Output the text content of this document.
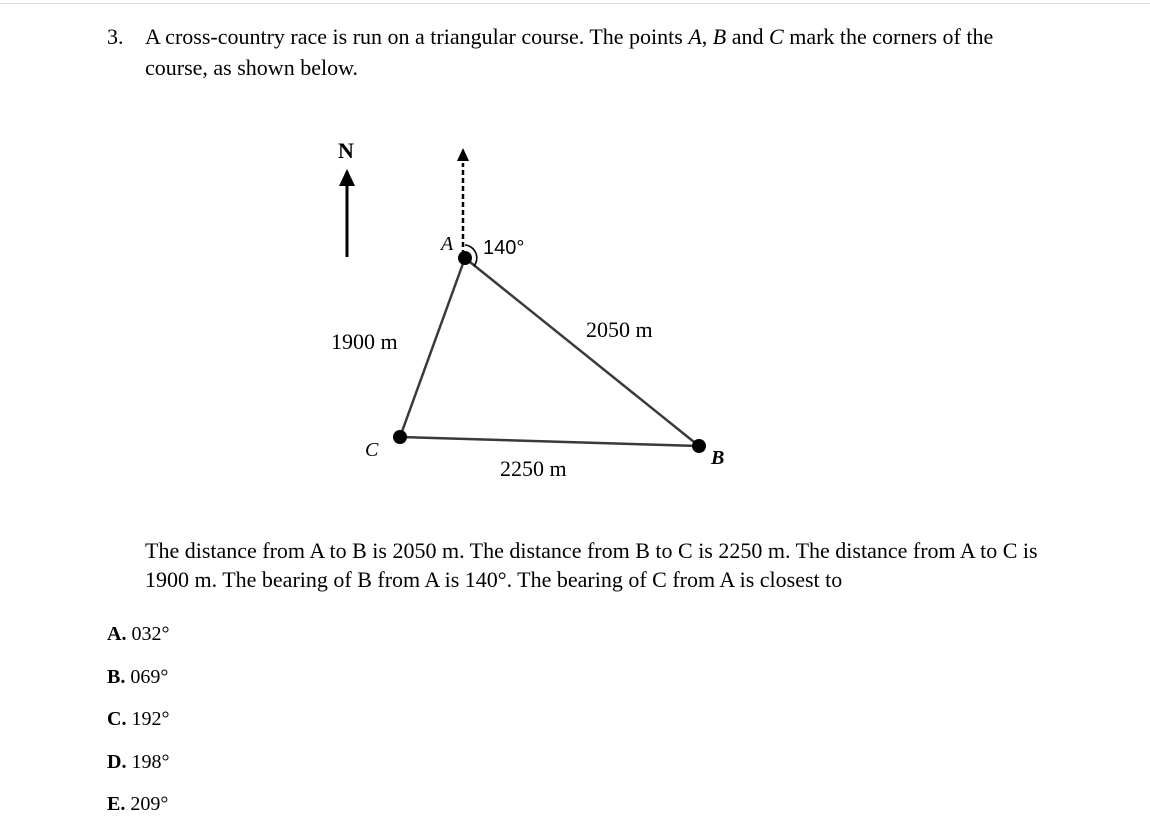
3. A cross-country race is run on a triangular course. The points A, B and C mark the corners of the course, as shown below.
N
A
B
C
140°
2050 m
1900 m
2250 m
The distance from A to B is 2050 m. The distance from B to C is 2250 m. The distance from A to C is 1900 m. The bearing of B from A is 140°. The bearing of C from A is closest to
A. 032°
B. 069°
C. 192°
D. 198°
E. 209°
